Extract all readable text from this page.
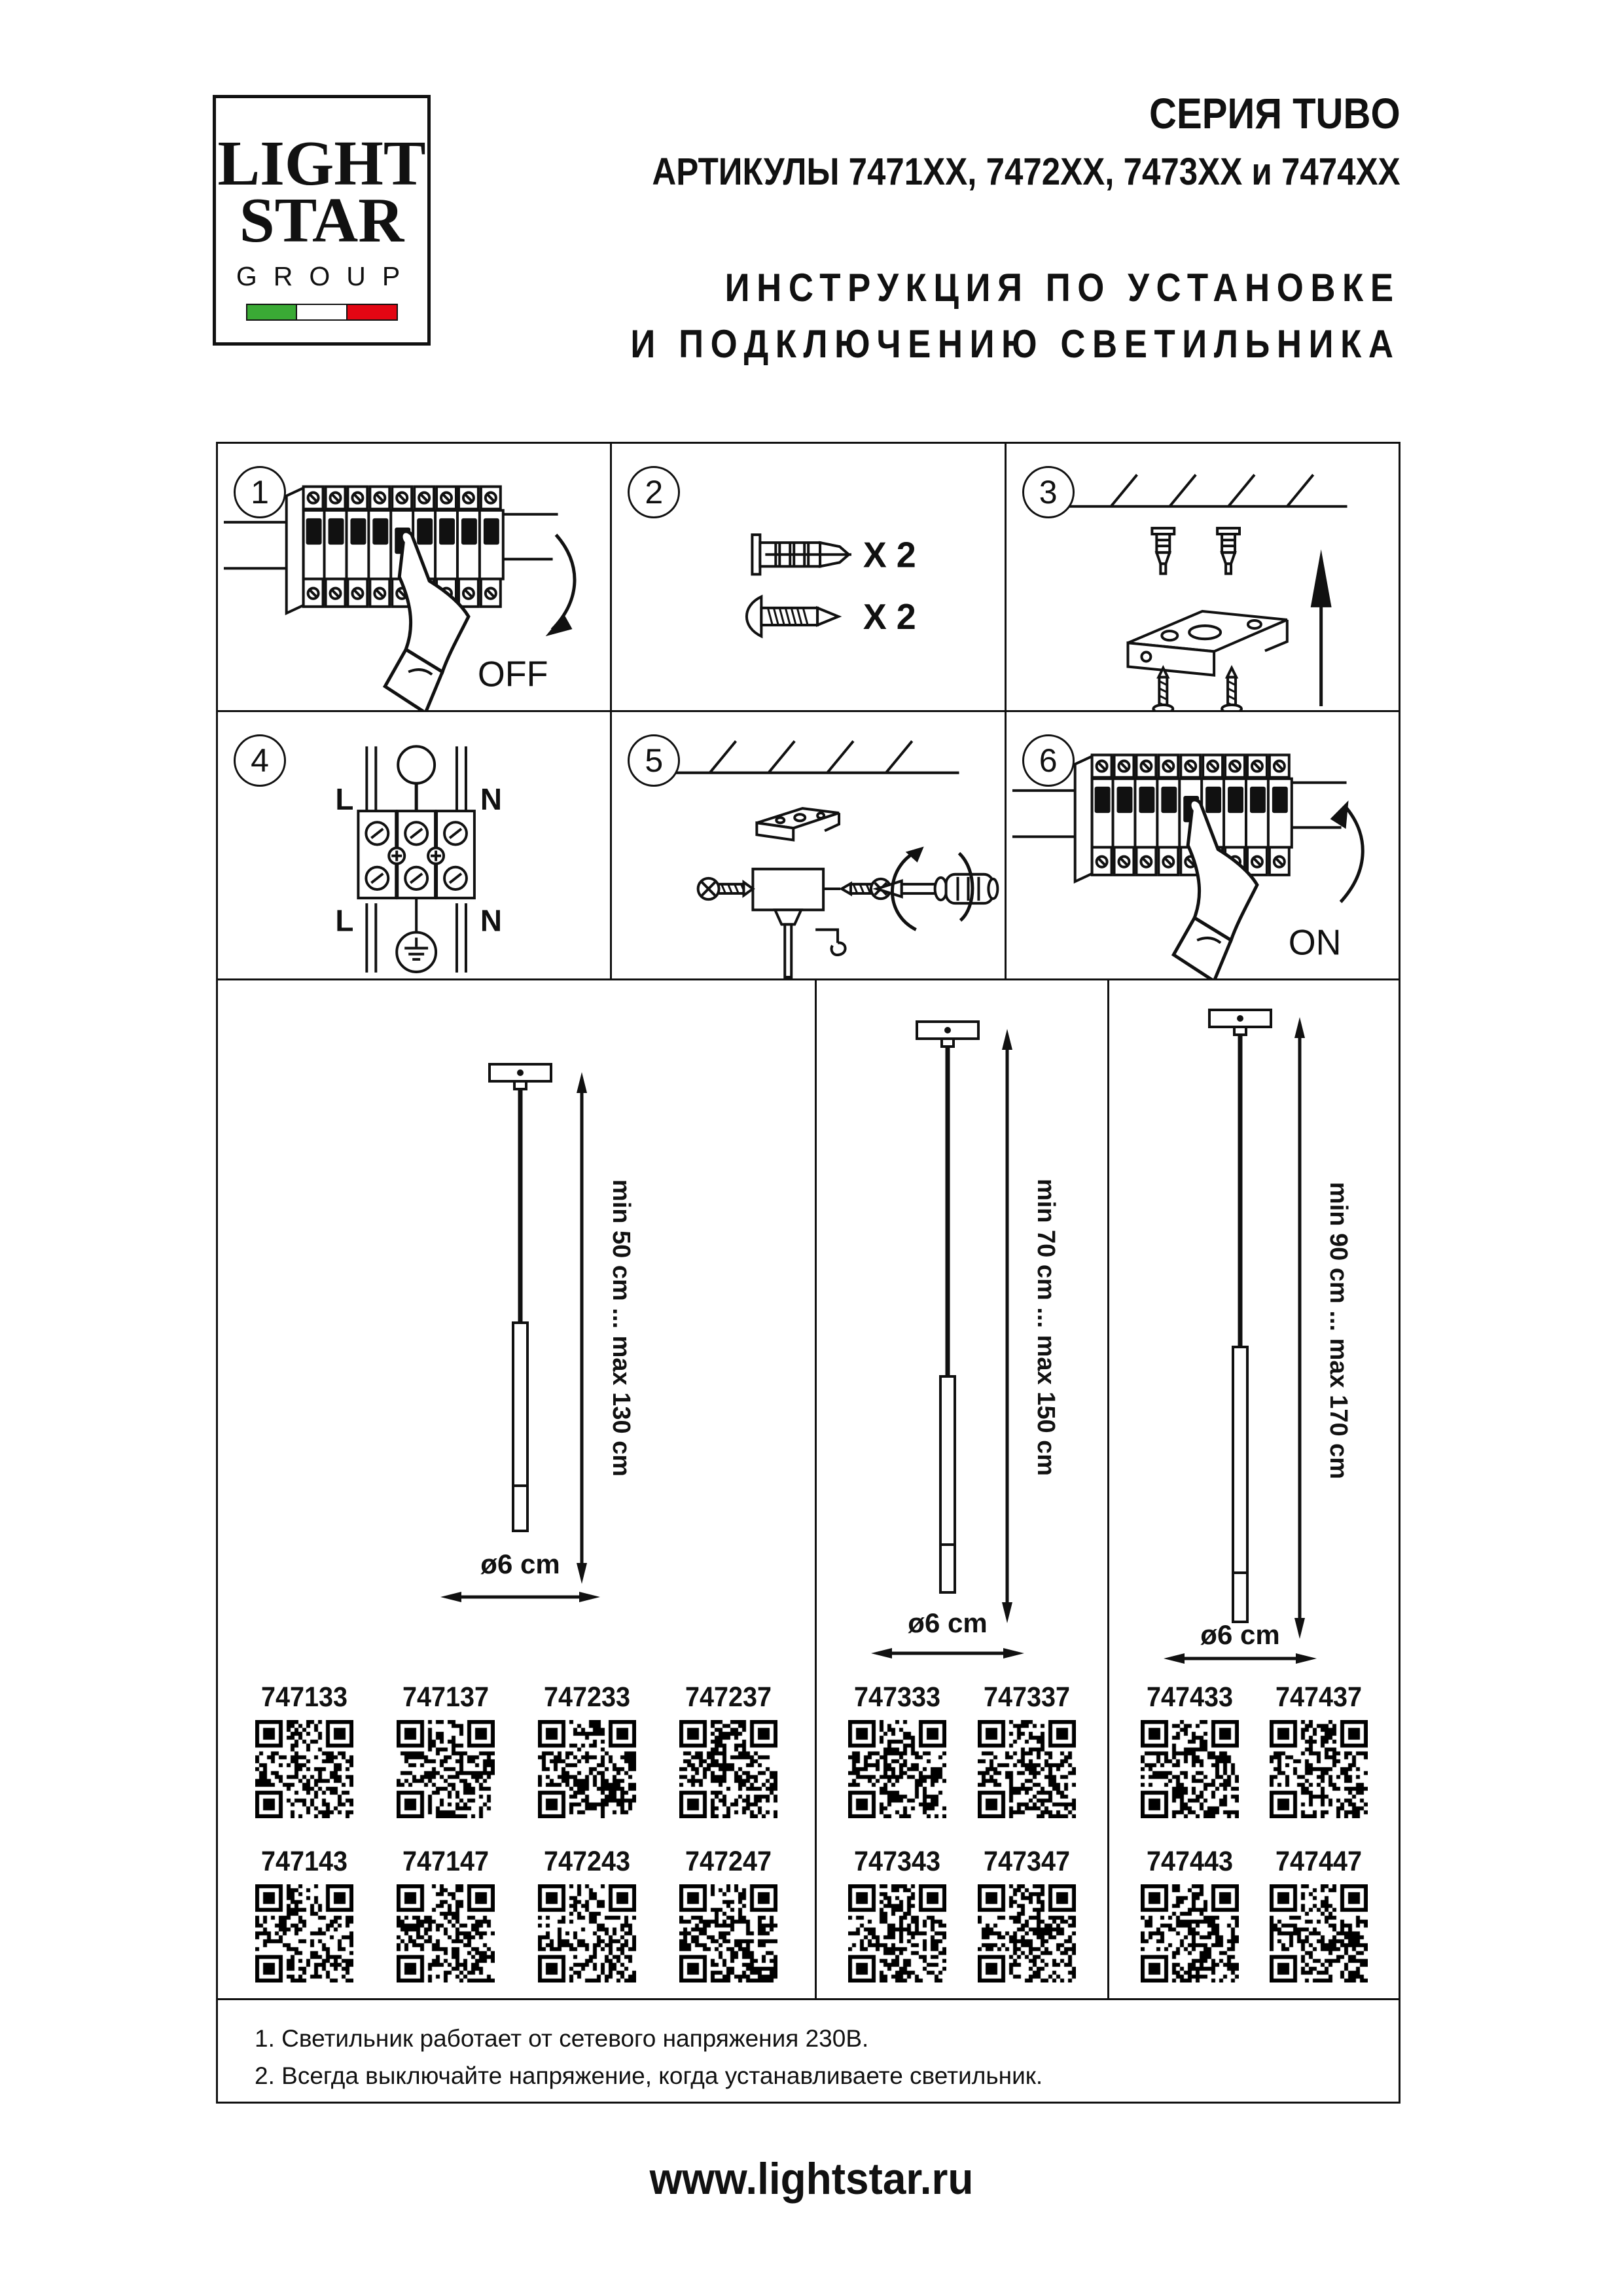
LIGHT
STAR
GROUP
СЕРИЯ TUBO
АРТИКУЛЫ 7471XX, 7472XX, 7473XX и 7474XX
ИНСТРУКЦИЯ ПО УСТАНОВКЕ
И ПОДКЛЮЧЕНИЮ СВЕТИЛЬНИКА
1
OFF
2
X 2
X 2
3
4
L	N
L	N
5	6
ON
min 50 cm ... max 130 cm
ø6 cm
747133 747137 747233 747237
747143 747147 747243 747247
min 70 cm ... max 150 cm
ø6 cm
747333 747337
747343 747347
min 90 cm ... max 170 cm
ø6 cm
747433 747437
747443 747447
1. Светильник работает от сетевого напряжения 230В.
2. Всегда выключайте напряжение, когда устанавливаете светильник.
www.lightstar.ru
